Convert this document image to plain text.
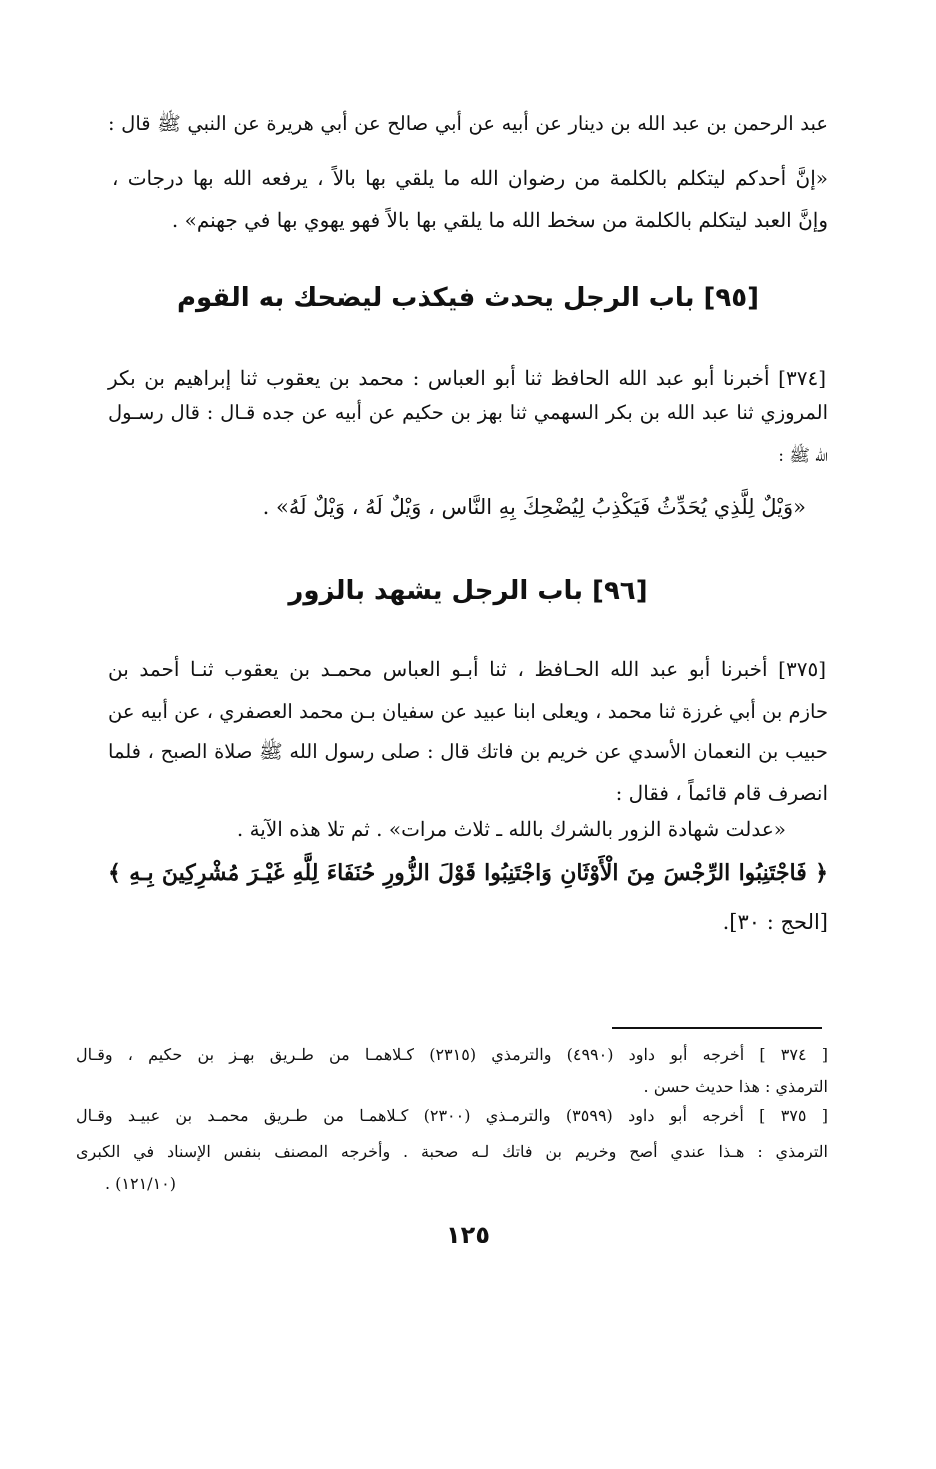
عبد الرحمن بن عبد الله بن دينار عن أبيه عن أبي صالح عن أبي هريرة عن النبي ﷺ قال :
«إنَّ أحدكم ليتكلم بالكلمة من رضوان الله ما يلقي بها بالاً ، يرفعه الله بها درجات ،
وإنَّ العبد ليتكلم بالكلمة من سخط الله ما يلقي بها بالاً فهو يهوي بها في جهنم» .
[٩٥] باب الرجل يحدث فيكذب ليضحك به القوم
[٣٧٤] أخبرنا أبو عبد الله الحافظ ثنا أبو العباس : محمد بن يعقوب ثنا إبراهيم بن بكر
المروزي ثنا عبد الله بن بكر السهمي ثنا بهز بن حكيم عن أبيه عن جده قـال : قال رسـول
الله ﷺ :
«وَيْلٌ لِلَّذِي يُحَدِّثُ فَيَكْذِبُ لِيُضْحِكَ بِهِ النَّاس ، وَيْلٌ لَهُ ، وَيْلٌ لَهُ» .
[٩٦] باب الرجل يشهد بالزور
[٣٧٥] أخبرنا أبو عبد الله الحـافظ ، ثنا أبـو العباس محمـد بن يعقوب ثنـا أحمد بن
حازم بن أبي غرزة ثنا محمد ، ويعلى ابنا عبيد عن سفيان بـن محمد العصفري ، عن أبيه عن
حبيب بن النعمان الأسدي عن خريم بن فاتك قال : صلى رسول الله ﷺ صلاة الصبح ، فلما
انصرف قام قائماً ، فقال :
«عدلت شهادة الزور بالشرك بالله ـ ثلاث مرات» . ثم تلا هذه الآية .
﴿ فَاجْتَنِبُوا الرِّجْسَ مِنَ الْأَوْثَانِ وَاجْتَنِبُوا قَوْلَ الزُّورِ حُنَفَاءَ لِلَّهِ غَيْـرَ مُشْرِكِينَ بِـهِ ﴾
[الحج : ٣٠].
[ ٣٧٤ ] أخرجه أبو داود (٤٩٩٠) والترمذي (٢٣١٥) كـلاهمـا من طـريق بهـز بن حكيم ، وقـال
الترمذي : هذا حديث حسن .
[ ٣٧٥ ] أخرجه أبو داود (٣٥٩٩) والترمـذي (٢٣٠٠) كـلاهمـا من طـريق محمـد بن عبيـد وقـال
الترمذي : هـذا عندي أصح وخريم بن فاتك لـه صحبة . وأخرجه المصنف بنفس الإسناد في الكبرى
(١٢١/١٠) .
١٢٥
